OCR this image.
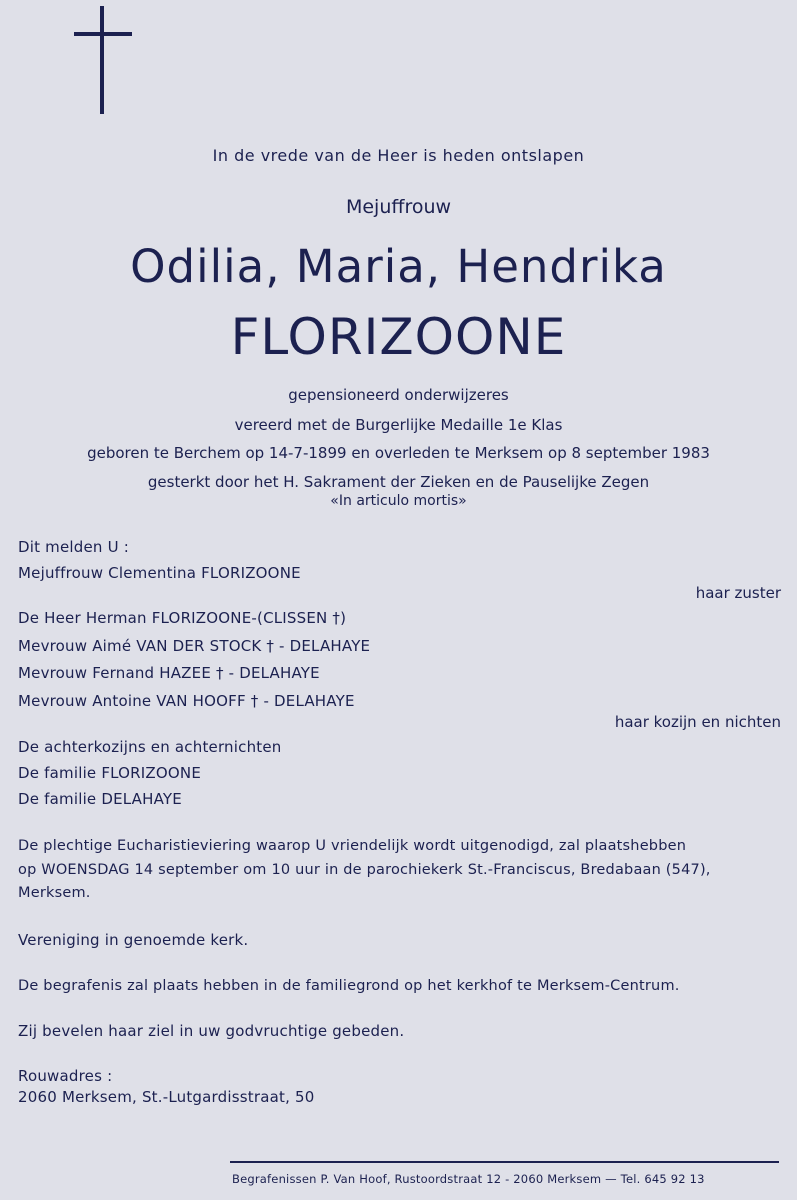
In de vrede van de Heer is heden ontslapen
Mejuffrouw
Odilia, Maria, Hendrika
FLORIZOONE
gepensioneerd onderwijzeres
vereerd met de Burgerlijke Medaille 1e Klas
geboren te Berchem op 14-7-1899 en overleden te Merksem op 8 september 1983
gesterkt door het H. Sakrament der Zieken en de Pauselijke Zegen
«In articulo mortis»
Dit melden U :
Mejuffrouw Clementina FLORIZOONE
haar zuster
De Heer Herman FLORIZOONE-(CLISSEN †)
Mevrouw Aimé VAN DER STOCK † - DELAHAYE
Mevrouw Fernand HAZEE † - DELAHAYE
Mevrouw Antoine VAN HOOFF † - DELAHAYE
haar kozijn en nichten
De achterkozijns en achternichten
De familie FLORIZOONE
De familie DELAHAYE
De plechtige Eucharistieviering waarop U vriendelijk wordt uitgenodigd, zal plaatshebben
op WOENSDAG 14 september om 10 uur in de parochiekerk St.-Franciscus, Bredabaan (547),
Merksem.
Vereniging in genoemde kerk.
De begrafenis zal plaats hebben in de familiegrond op het kerkhof te Merksem-Centrum.
Zij bevelen haar ziel in uw godvruchtige gebeden.
Rouwadres :
2060 Merksem, St.-Lutgardisstraat, 50
Begrafenissen P. Van Hoof, Rustoordstraat 12 - 2060 Merksem — Tel. 645 92 13
